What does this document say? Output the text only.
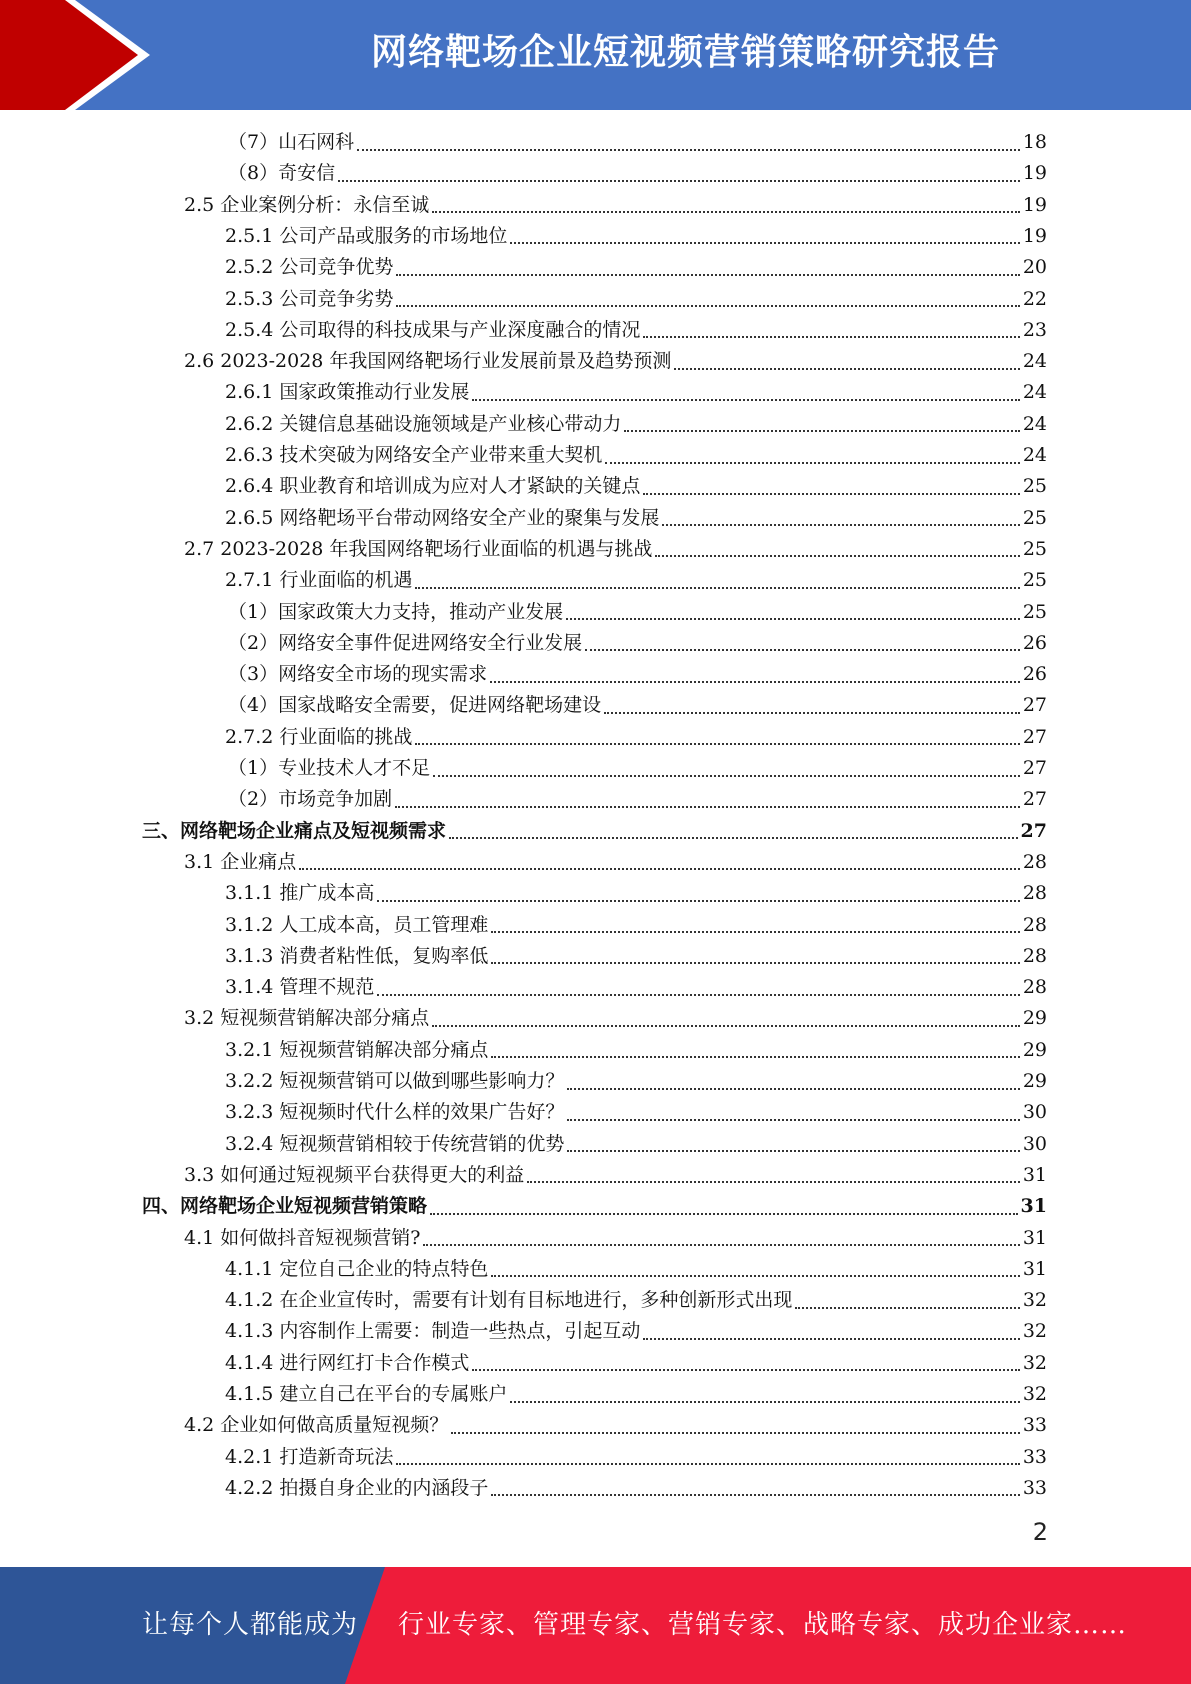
网络靶场企业短视频营销策略研究报告
（7）山石网科	18
（8）奇安信	19
2.5 企业案例分析：永信至诚	19
2.5.1 公司产品或服务的市场地位	19
2.5.2 公司竞争优势	20
2.5.3 公司竞争劣势	22
2.5.4 公司取得的科技成果与产业深度融合的情况	23
2.6 2023-2028 年我国网络靶场行业发展前景及趋势预测	24
2.6.1 国家政策推动行业发展	24
2.6.2 关键信息基础设施领域是产业核心带动力	24
2.6.3 技术突破为网络安全产业带来重大契机	24
2.6.4 职业教育和培训成为应对人才紧缺的关键点	25
2.6.5 网络靶场平台带动网络安全产业的聚集与发展	25
2.7 2023-2028 年我国网络靶场行业面临的机遇与挑战	25
2.7.1 行业面临的机遇	25
（1）国家政策大力支持，推动产业发展	25
（2）网络安全事件促进网络安全行业发展	26
（3）网络安全市场的现实需求	26
（4）国家战略安全需要，促进网络靶场建设	27
2.7.2 行业面临的挑战	27
（1）专业技术人才不足	27
（2）市场竞争加剧	27
三、网络靶场企业痛点及短视频需求	27
3.1 企业痛点	28
3.1.1 推广成本高	28
3.1.2 人工成本高，员工管理难	28
3.1.3 消费者粘性低，复购率低	28
3.1.4 管理不规范	28
3.2 短视频营销解决部分痛点	29
3.2.1 短视频营销解决部分痛点	29
3.2.2 短视频营销可以做到哪些影响力？	29
3.2.3 短视频时代什么样的效果广告好？	30
3.2.4 短视频营销相较于传统营销的优势	30
3.3 如何通过短视频平台获得更大的利益	31
四、网络靶场企业短视频营销策略	31
4.1 如何做抖音短视频营销?	31
4.1.1 定位自己企业的特点特色	31
4.1.2 在企业宣传时，需要有计划有目标地进行，多种创新形式出现	32
4.1.3 内容制作上需要：制造一些热点，引起互动	32
4.1.4 进行网红打卡合作模式	32
4.1.5 建立自己在平台的专属账户	32
4.2 企业如何做高质量短视频？	33
4.2.1 打造新奇玩法	33
4.2.2 拍摄自身企业的内涵段子	33
2
让每个人都能成为 行业专家、管理专家、营销专家、战略专家、成功企业家……
